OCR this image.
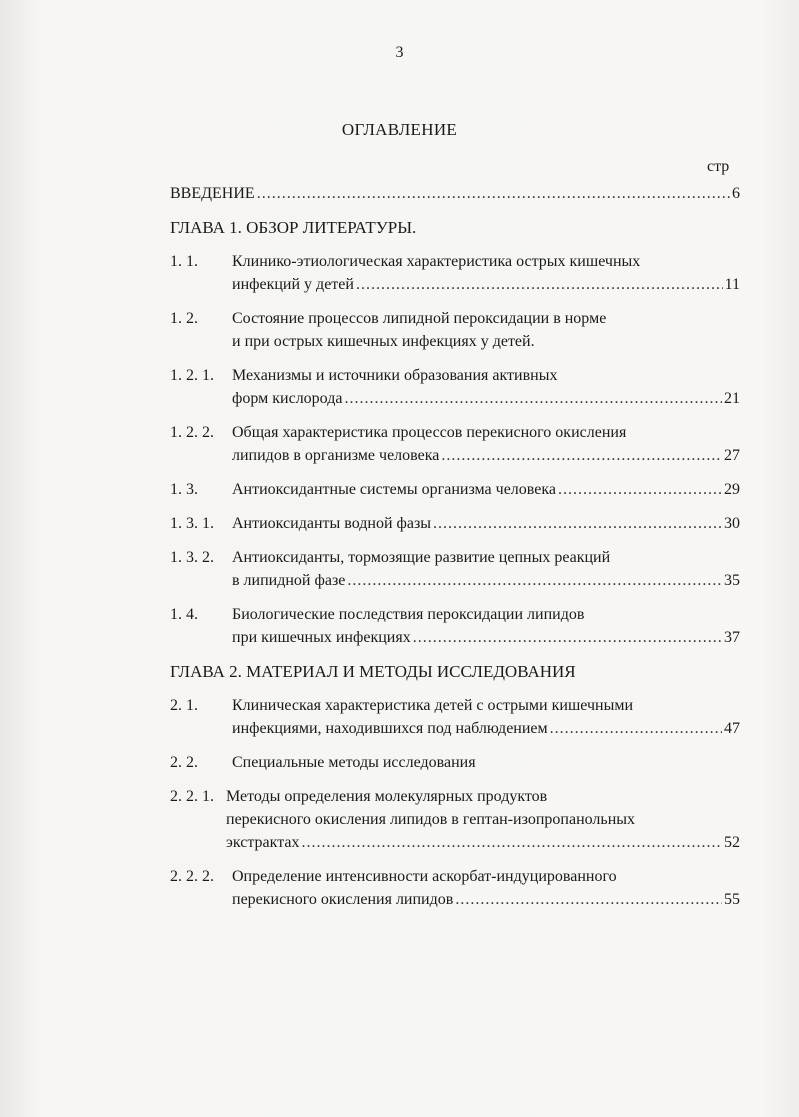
3
ОГЛАВЛЕНИЕ
стр
ВВЕДЕНИЕ .....	6
ГЛАВА 1. ОБЗОР ЛИТЕРАТУРЫ.
1. 1. Клинико-этиологическая характеристика острых кишечных
инфекций у детей .....	11
1. 2. Состояние процессов липидной пероксидации в норме
и при острых кишечных инфекциях у детей.
1. 2. 1. Механизмы и источники образования активных
форм кислорода .....	21
1. 2. 2. Общая характеристика процессов перекисного окисления
липидов в организме человека .....	27
1. 3. Антиоксидантные системы организма человека .....	29
1. 3. 1. Антиоксиданты водной фазы .....	30
1. 3. 2. Антиоксиданты, тормозящие развитие цепных реакций
в липидной фазе .....	35
1. 4. Биологические последствия пероксидации липидов
при кишечных инфекциях .....	37
ГЛАВА 2. МАТЕРИАЛ И МЕТОДЫ ИССЛЕДОВАНИЯ
2. 1. Клиническая характеристика детей с острыми кишечными
инфекциями, находившихся под наблюдением .....	47
2. 2. Специальные методы исследования
2. 2. 1. Методы определения молекулярных продуктов
перекисного окисления липидов в гептан-изопропанольных
экстрактах .....	52
2. 2. 2. Определение интенсивности аскорбат-индуцированного
перекисного окисления липидов .....	55
